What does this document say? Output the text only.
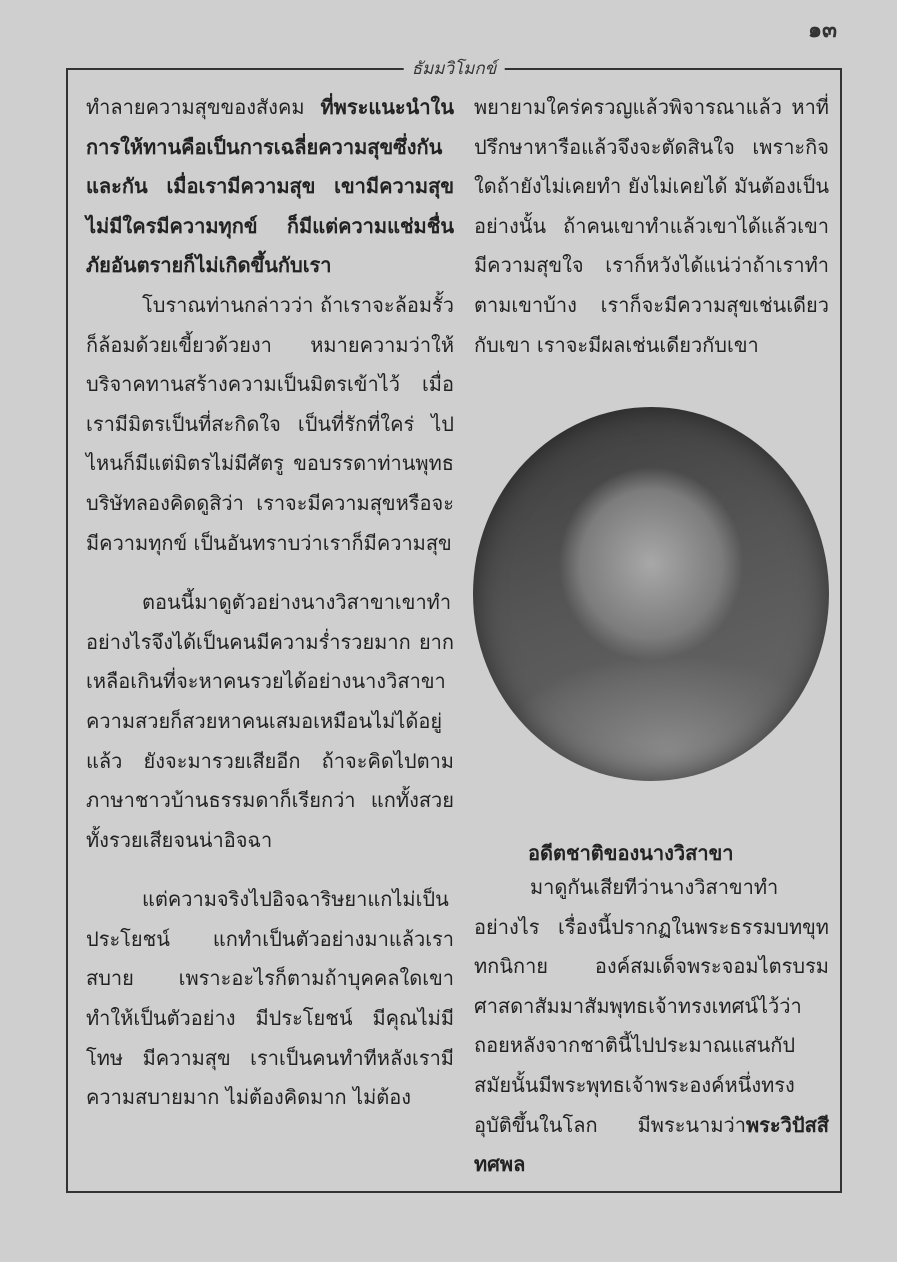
๑๓
ธัมมวิโมกข์

ทำลายความสุขของสังคม ที่พระแนะนำในการให้ทานคือเป็นการเฉลี่ยความสุขซึ่งกันและกัน เมื่อเรามีความสุข เขามีความสุข ไม่มีใครมีความทุกข์ ก็มีแต่ความแช่มชื่น ภัยอันตรายก็ไม่เกิดขึ้นกับเรา

โบราณท่านกล่าวว่า ถ้าเราจะล้อมรั้วก็ล้อมด้วยเขี้ยวด้วยงา หมายความว่าให้บริจาคทานสร้างความเป็นมิตรเข้าไว้ เมื่อเรามีมิตรเป็นที่สะกิดใจ เป็นที่รักที่ใคร่ ไปไหนก็มีแต่มิตรไม่มีศัตรู ขอบรรดาท่านพุทธบริษัทลองคิดดูสิว่า เราจะมีความสุขหรือจะมีความทุกข์ เป็นอันทราบว่าเราก็มีความสุข

ตอนนี้มาดูตัวอย่างนางวิสาขาเขาทำอย่างไรจึงได้เป็นคนมีความร่ำรวยมาก ยากเหลือเกินที่จะหาคนรวยได้อย่างนางวิสาขา ความสวยก็สวยหาคนเสมอเหมือนไม่ได้อยู่แล้ว ยังจะมารวยเสียอีก ถ้าจะคิดไปตามภาษาชาวบ้านธรรมดาก็เรียกว่า แกทั้งสวยทั้งรวยเสียจนน่าอิจฉา

แต่ความจริงไปอิจฉาริษยาแกไม่เป็นประโยชน์ แกทำเป็นตัวอย่างมาแล้วเราสบาย เพราะอะไรก็ตามถ้าบุคคลใดเขาทำให้เป็นตัวอย่าง มีประโยชน์ มีคุณไม่มีโทษ มีความสุข เราเป็นคนทำทีหลังเรามีความสบายมาก ไม่ต้องคิดมาก ไม่ต้อง

พยายามใคร่ครวญแล้วพิจารณาแล้ว หาที่ปรึกษาหารือแล้วจึงจะตัดสินใจ เพราะกิจใดถ้ายังไม่เคยทำ ยังไม่เคยได้ มันต้องเป็นอย่างนั้น ถ้าคนเขาทำแล้วเขาได้แล้วเขามีความสุขใจ เราก็หวังได้แน่ว่าถ้าเราทำตามเขาบ้าง เราก็จะมีความสุขเช่นเดียวกับเขา เราจะมีผลเช่นเดียวกับเขา

อดีตชาติของนางวิสาขา

มาดูกันเสียทีว่านางวิสาขาทำอย่างไร เรื่องนี้ปรากฏในพระธรรมบทขุททกนิกาย องค์สมเด็จพระจอมไตรบรมศาสดาสัมมาสัมพุทธเจ้าทรงเทศน์ไว้ว่า ถอยหลังจากชาตินี้ไปประมาณแสนกัป สมัยนั้นมีพระพุทธเจ้าพระองค์หนึ่งทรงอุบัติขึ้นในโลก มีพระนามว่าพระวิปัสสีทศพล
